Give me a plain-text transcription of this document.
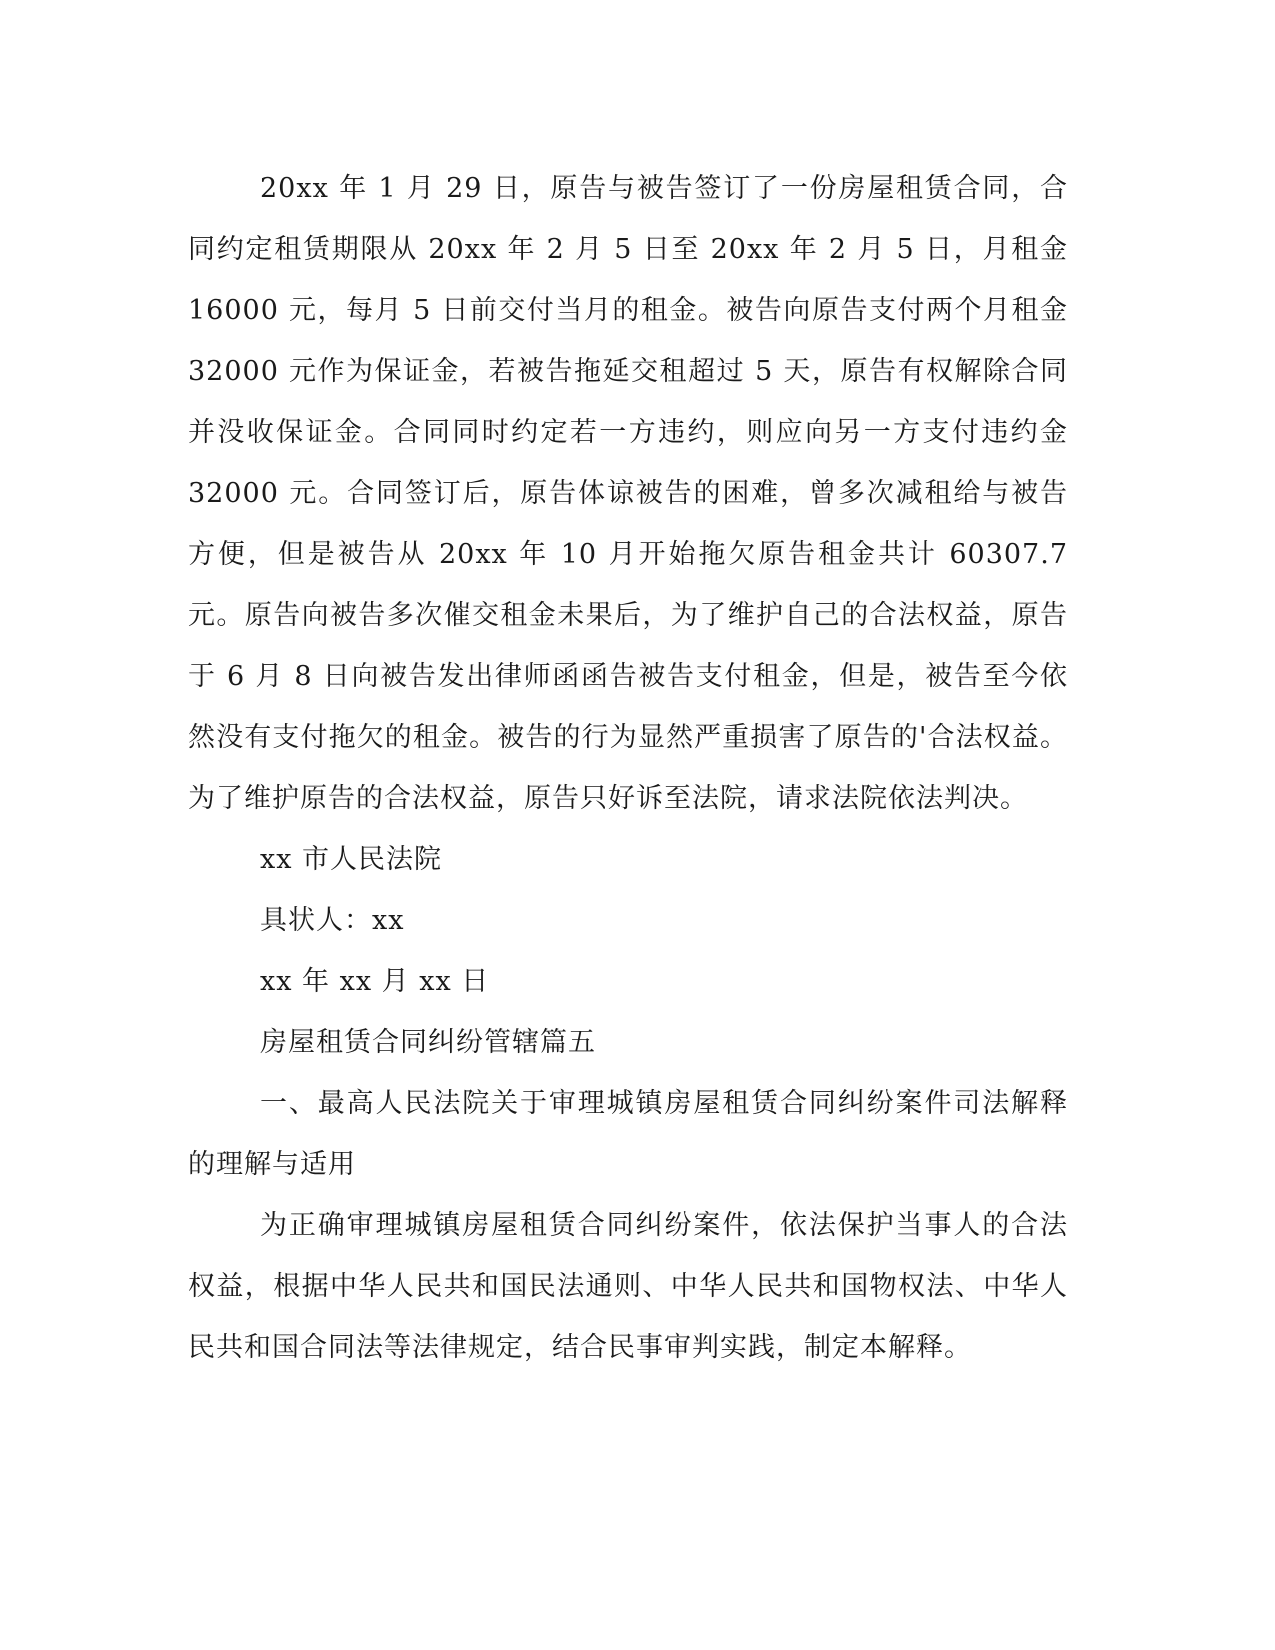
20xx 年 1 月 29 日，原告与被告签订了一份房屋租赁合同，合同约定租赁期限从 20xx 年 2 月 5 日至 20xx 年 2 月 5 日，月租金 16000 元，每月 5 日前交付当月的租金。被告向原告支付两个月租金 32000 元作为保证金，若被告拖延交租超过 5 天，原告有权解除合同并没收保证金。合同同时约定若一方违约，则应向另一方支付违约金 32000 元。合同签订后，原告体谅被告的困难，曾多次减租给与被告方便，但是被告从 20xx 年 10 月开始拖欠原告租金共计 60307.7 元。原告向被告多次催交租金未果后，为了维护自己的合法权益，原告于 6 月 8 日向被告发出律师函函告被告支付租金，但是，被告至今依然没有支付拖欠的租金。被告的行为显然严重损害了原告的'合法权益。为了维护原告的合法权益，原告只好诉至法院，请求法院依法判决。

xx 市人民法院

具状人：xx

xx 年 xx 月 xx 日

房屋租赁合同纠纷管辖篇五

一、最高人民法院关于审理城镇房屋租赁合同纠纷案件司法解释的理解与适用

为正确审理城镇房屋租赁合同纠纷案件，依法保护当事人的合法权益，根据中华人民共和国民法通则、中华人民共和国物权法、中华人民共和国合同法等法律规定，结合民事审判实践，制定本解释。
